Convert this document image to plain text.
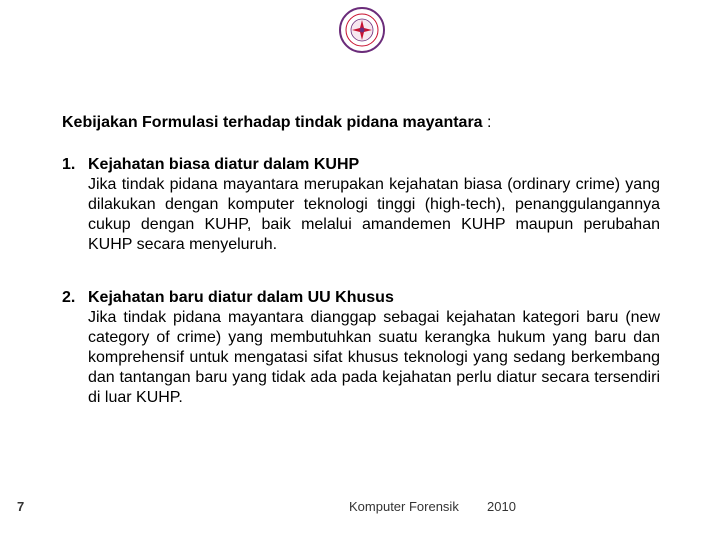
Kebijakan Formulasi terhadap tindak pidana mayantara :
1. Kejahatan biasa diatur dalam KUHP
Jika tindak pidana mayantara merupakan kejahatan biasa (ordinary crime) yang dilakukan dengan komputer teknologi tinggi (high-tech), penanggulangannya cukup dengan KUHP, baik melalui amandemen KUHP maupun perubahan KUHP secara menyeluruh.
2. Kejahatan baru diatur dalam UU Khusus
Jika tindak pidana mayantara dianggap sebagai kejahatan kategori baru (new category of crime) yang membutuhkan suatu kerangka hukum yang baru dan komprehensif untuk mengatasi sifat khusus teknologi yang sedang berkembang dan tantangan baru yang tidak ada pada kejahatan perlu diatur secara tersendiri di luar KUHP.
7	Komputer Forensik 2010
